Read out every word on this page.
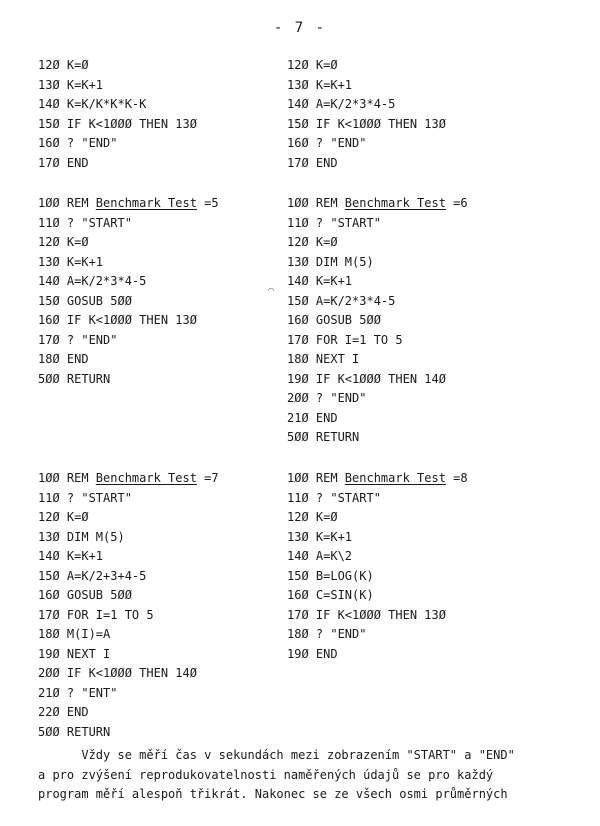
- 7 -
12Ø K=Ø
13Ø K=K+1
14Ø K=K/K*K*K-K
15Ø IF K<1ØØØ THEN 13Ø
16Ø ? "END"
17Ø END
12Ø K=Ø
13Ø K=K+1
14Ø A=K/2*3*4-5
15Ø IF K<1ØØØ THEN 13Ø
16Ø ? "END"
17Ø END
1ØØ REM Benchmark Test =5
11Ø ? "START"
12Ø K=Ø
13Ø K=K+1
14Ø A=K/2*3*4-5
15Ø GOSUB 5ØØ
16Ø IF K<1ØØØ THEN 13Ø
17Ø ? "END"
18Ø END
5ØØ RETURN
1ØØ REM Benchmark Test =6
11Ø ? "START"
12Ø K=Ø
13Ø DIM M(5)
14Ø K=K+1
15Ø A=K/2*3*4-5
16Ø GOSUB 5ØØ
17Ø FOR I=1 TO 5
18Ø NEXT I
19Ø IF K<1ØØØ THEN 14Ø
2ØØ ? "END"
21Ø END
5ØØ RETURN
1ØØ REM Benchmark Test =7
11Ø ? "START"
12Ø K=Ø
13Ø DIM M(5)
14Ø K=K+1
15Ø A=K/2+3+4-5
16Ø GOSUB 5ØØ
17Ø FOR I=1 TO 5
18Ø M(I)=A
19Ø NEXT I
2ØØ IF K<1ØØØ THEN 14Ø
21Ø ? "ENT"
22Ø END
5ØØ RETURN
1ØØ REM Benchmark Test =8
11Ø ? "START"
12Ø K=Ø
13Ø K=K+1
14Ø A=K\2
15Ø B=LOG(K)
16Ø C=SIN(K)
17Ø IF K<1ØØØ THEN 13Ø
18Ø ? "END"
19Ø END
⌒
Vždy se měří čas v sekundách mezi zobrazením "START" a "END"
a pro zvýšení reprodukovatelnosti naměřených údajů se pro každý
program měří alespoň třikrát. Nakonec se ze všech osmi průměrných
